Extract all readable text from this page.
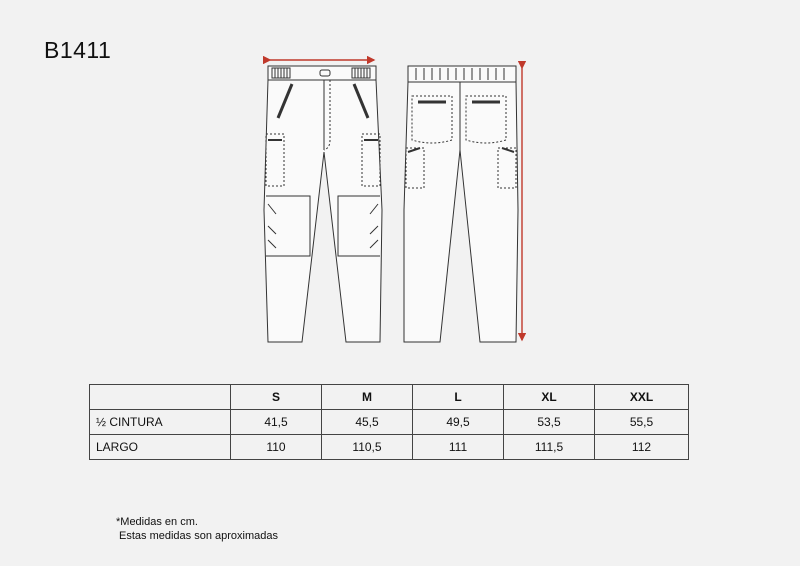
B1411
	S	M	L	XL	XXL
½ CINTURA	41,5	45,5	49,5	53,5	55,5
LARGO	110	110,5	111	111,5	112
*Medidas en cm.
Estas medidas son aproximadas
